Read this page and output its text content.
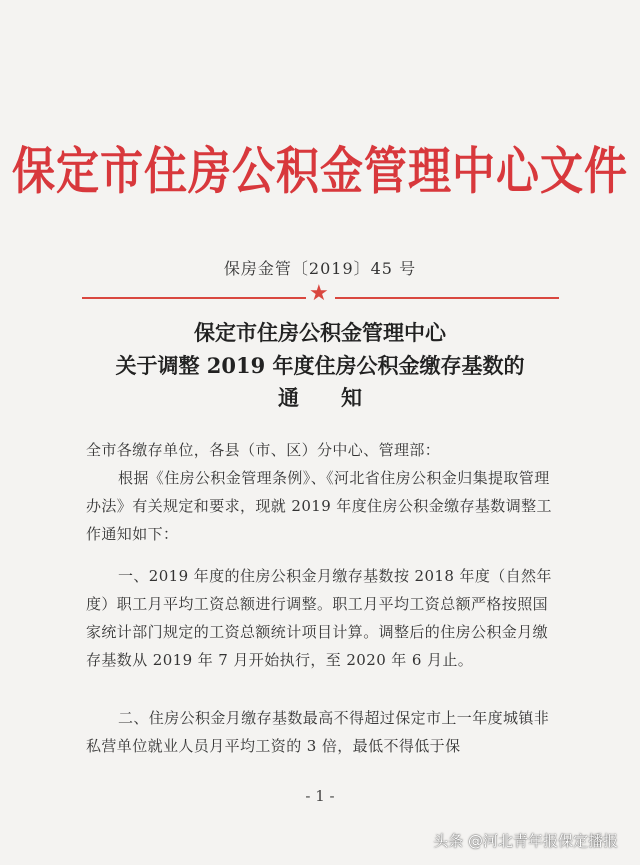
保定市住房公积金管理中心文件
保房金管〔2019〕45 号
★
保定市住房公积金管理中心
关于调整 2019 年度住房公积金缴存基数的
通　　知
全市各缴存单位，各县（市、区）分中心、管理部：
根据《住房公积金管理条例》、《河北省住房公积金归集提取管理办法》有关规定和要求，现就 2019 年度住房公积金缴存基数调整工作通知如下：
一、2019 年度的住房公积金月缴存基数按 2018 年度（自然年度）职工月平均工资总额进行调整。职工月平均工资总额严格按照国家统计部门规定的工资总额统计项目计算。调整后的住房公积金月缴存基数从 2019 年 7 月开始执行，至 2020 年 6 月止。
二、住房公积金月缴存基数最高不得超过保定市上一年度城镇非私营单位就业人员月平均工资的 3 倍，最低不得低于保
- 1 -
头条 @河北青年报保定播报
